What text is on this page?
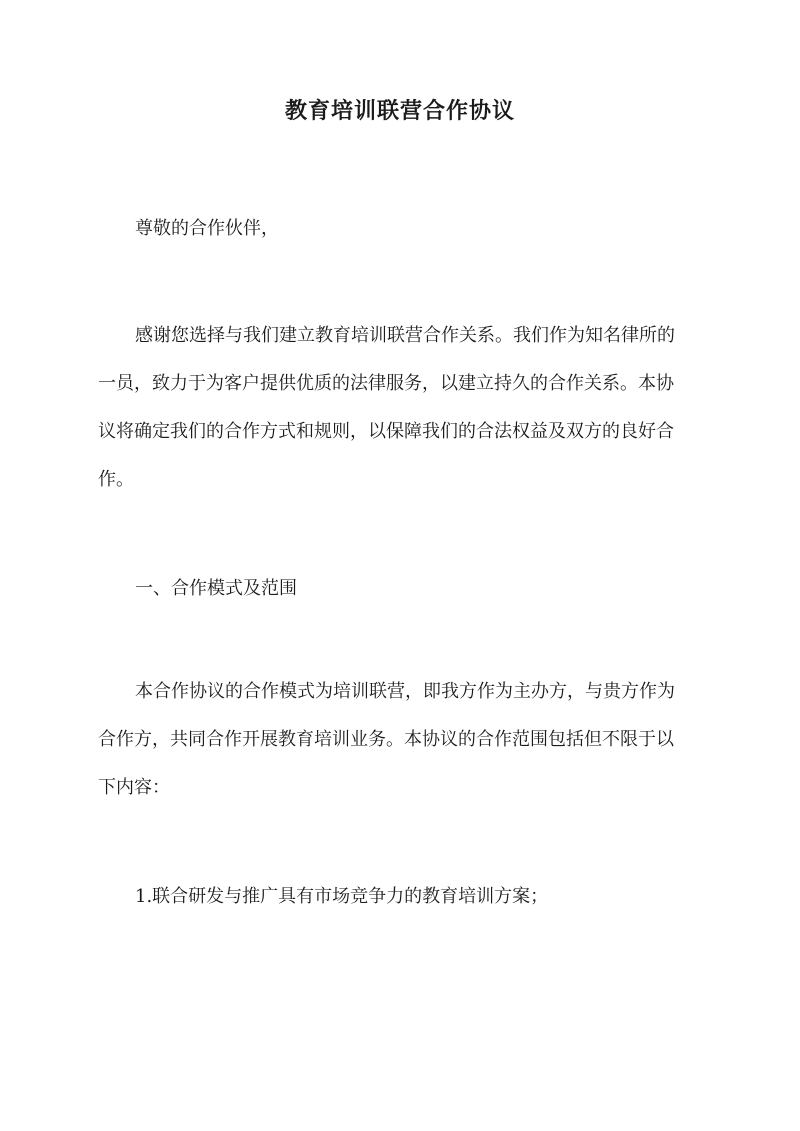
教育培训联营合作协议

尊敬的合作伙伴，

感谢您选择与我们建立教育培训联营合作关系。我们作为知名律所的
一员，致力于为客户提供优质的法律服务，以建立持久的合作关系。本协
议将确定我们的合作方式和规则，以保障我们的合法权益及双方的良好合
作。

一、合作模式及范围

本合作协议的合作模式为培训联营，即我方作为主办方，与贵方作为
合作方，共同合作开展教育培训业务。本协议的合作范围包括但不限于以
下内容：

1.联合研发与推广具有市场竞争力的教育培训方案；
